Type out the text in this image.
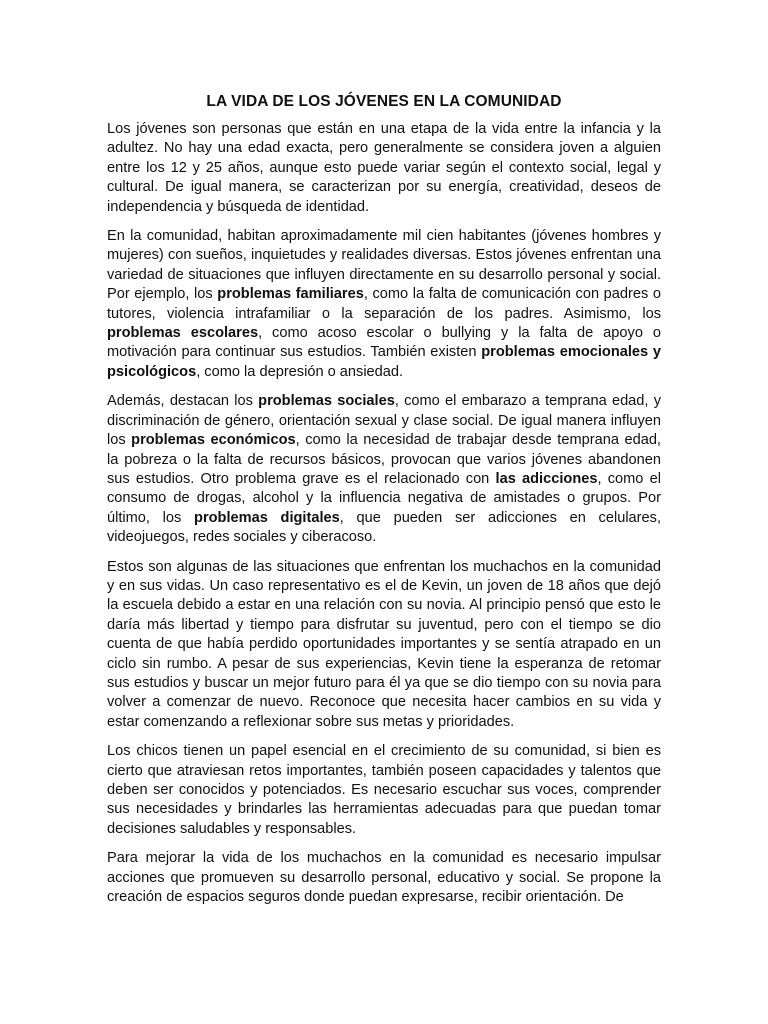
LA VIDA DE LOS JÓVENES EN LA COMUNIDAD

Los jóvenes son personas que están en una etapa de la vida entre la infancia y la adultez. No hay una edad exacta, pero generalmente se considera joven a alguien entre los 12 y 25 años, aunque esto puede variar según el contexto social, legal y cultural. De igual manera, se caracterizan por su energía, creatividad, deseos de independencia y búsqueda de identidad.

En la comunidad, habitan aproximadamente mil cien habitantes (jóvenes hombres y mujeres) con sueños, inquietudes y realidades diversas. Estos jóvenes enfrentan una variedad de situaciones que influyen directamente en su desarrollo personal y social. Por ejemplo, los problemas familiares, como la falta de comunicación con padres o tutores, violencia intrafamiliar o la separación de los padres. Asimismo, los problemas escolares, como acoso escolar o bullying y la falta de apoyo o motivación para continuar sus estudios. También existen problemas emocionales y psicológicos, como la depresión o ansiedad.

Además, destacan los problemas sociales, como el embarazo a temprana edad, y discriminación de género, orientación sexual y clase social. De igual manera influyen los problemas económicos, como la necesidad de trabajar desde temprana edad, la pobreza o la falta de recursos básicos, provocan que varios jóvenes abandonen sus estudios. Otro problema grave es el relacionado con las adicciones, como el consumo de drogas, alcohol y la influencia negativa de amistades o grupos. Por último, los problemas digitales, que pueden ser adicciones en celulares, videojuegos, redes sociales y ciberacoso.

Estos son algunas de las situaciones que enfrentan los muchachos en la comunidad y en sus vidas. Un caso representativo es el de Kevin, un joven de 18 años que dejó la escuela debido a estar en una relación con su novia. Al principio pensó que esto le daría más libertad y tiempo para disfrutar su juventud, pero con el tiempo se dio cuenta de que había perdido oportunidades importantes y se sentía atrapado en un ciclo sin rumbo. A pesar de sus experiencias, Kevin tiene la esperanza de retomar sus estudios y buscar un mejor futuro para él ya que se dio tiempo con su novia para volver a comenzar de nuevo. Reconoce que necesita hacer cambios en su vida y estar comenzando a reflexionar sobre sus metas y prioridades.

Los chicos tienen un papel esencial en el crecimiento de su comunidad, si bien es cierto que atraviesan retos importantes, también poseen capacidades y talentos que deben ser conocidos y potenciados. Es necesario escuchar sus voces, comprender sus necesidades y brindarles las herramientas adecuadas para que puedan tomar decisiones saludables y responsables.

Para mejorar la vida de los muchachos en la comunidad es necesario impulsar acciones que promueven su desarrollo personal, educativo y social. Se propone la creación de espacios seguros donde puedan expresarse, recibir orientación. De
